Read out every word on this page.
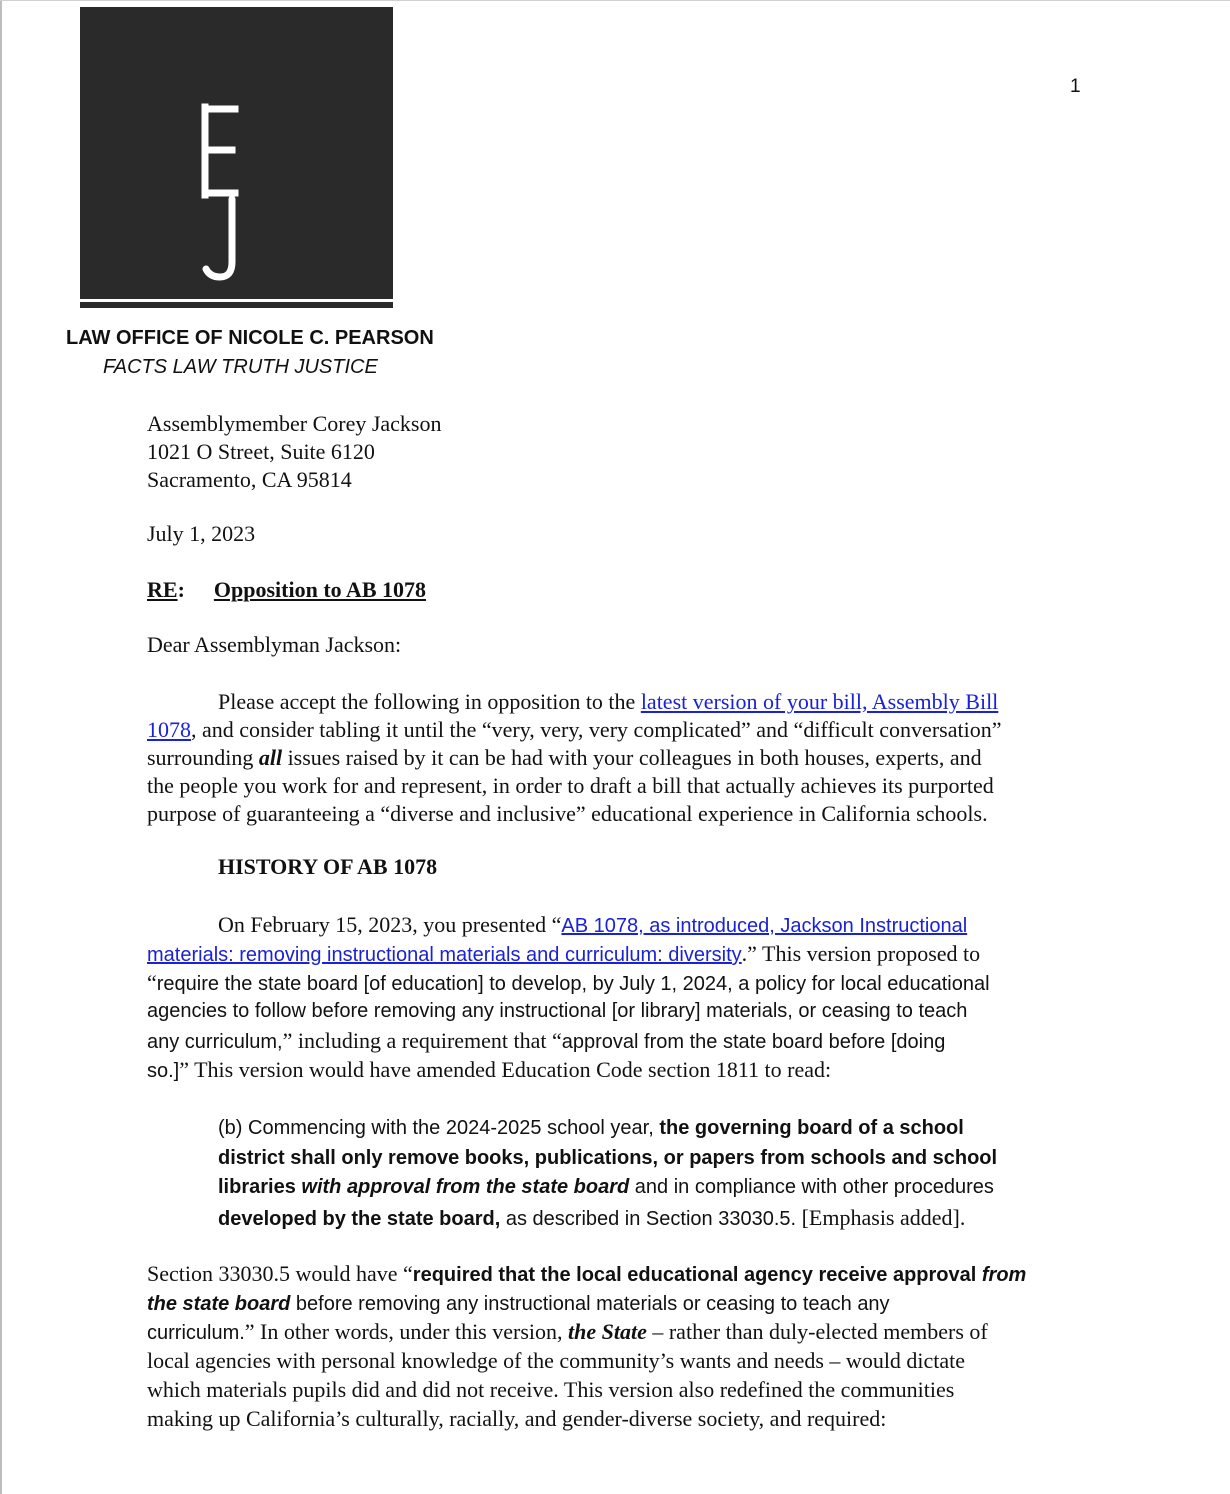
1
LAW OFFICE OF NICOLE C. PEARSON
FACTS LAW TRUTH JUSTICE
Assemblymember Corey Jackson
1021 O Street, Suite 6120
Sacramento, CA 95814
July 1, 2023
RE: Opposition to AB 1078
Dear Assemblyman Jackson:
Please accept the following in opposition to the latest version of your bill, Assembly Bill
1078, and consider tabling it until the “very, very, very complicated” and “difficult conversation”
surrounding all issues raised by it can be had with your colleagues in both houses, experts, and
the people you work for and represent, in order to draft a bill that actually achieves its purported
purpose of guaranteeing a “diverse and inclusive” educational experience in California schools.
HISTORY OF AB 1078
On February 15, 2023, you presented “AB 1078, as introduced, Jackson Instructional
materials: removing instructional materials and curriculum: diversity.” This version proposed to
“require the state board [of education] to develop, by July 1, 2024, a policy for local educational
agencies to follow before removing any instructional [or library] materials, or ceasing to teach
any curriculum,” including a requirement that “approval from the state board before [doing
so.]” This version would have amended Education Code section 1811 to read:
(b) Commencing with the 2024-2025 school year, the governing board of a school
district shall only remove books, publications, or papers from schools and school
libraries with approval from the state board and in compliance with other procedures
developed by the state board, as described in Section 33030.5. [Emphasis added].
Section 33030.5 would have “required that the local educational agency receive approval from
the state board before removing any instructional materials or ceasing to teach any
curriculum.” In other words, under this version, the State – rather than duly-elected members of
local agencies with personal knowledge of the community’s wants and needs – would dictate
which materials pupils did and did not receive. This version also redefined the communities
making up California’s culturally, racially, and gender-diverse society, and required:
